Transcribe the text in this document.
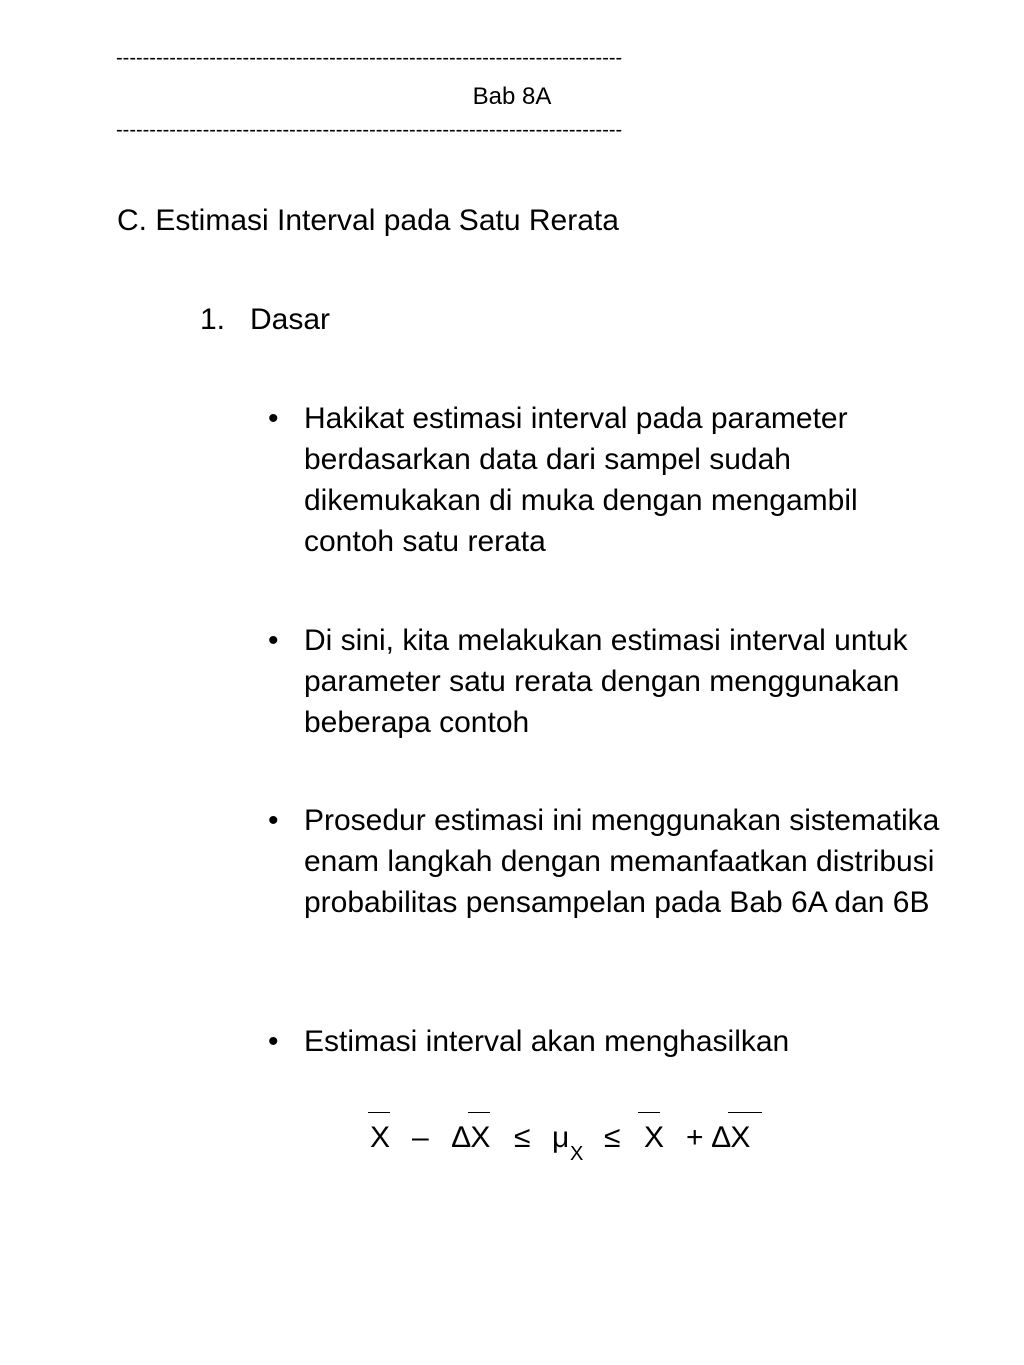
----------------------------------------------------------------------------
Bab 8A
----------------------------------------------------------------------------
C. Estimasi Interval pada Satu Rerata
1. Dasar
• Hakikat estimasi interval pada parameter berdasarkan data dari sampel sudah dikemukakan di muka dengan mengambil contoh satu rerata
• Di sini, kita melakukan estimasi interval untuk parameter satu rerata dengan menggunakan beberapa contoh
• Prosedur estimasi ini menggunakan sistematika enam langkah dengan memanfaatkan distribusi probabilitas pensampelan pada Bab 6A dan 6B
• Estimasi interval akan menghasilkan
X – ∆X ≤ μ X ≤ X + ∆X
